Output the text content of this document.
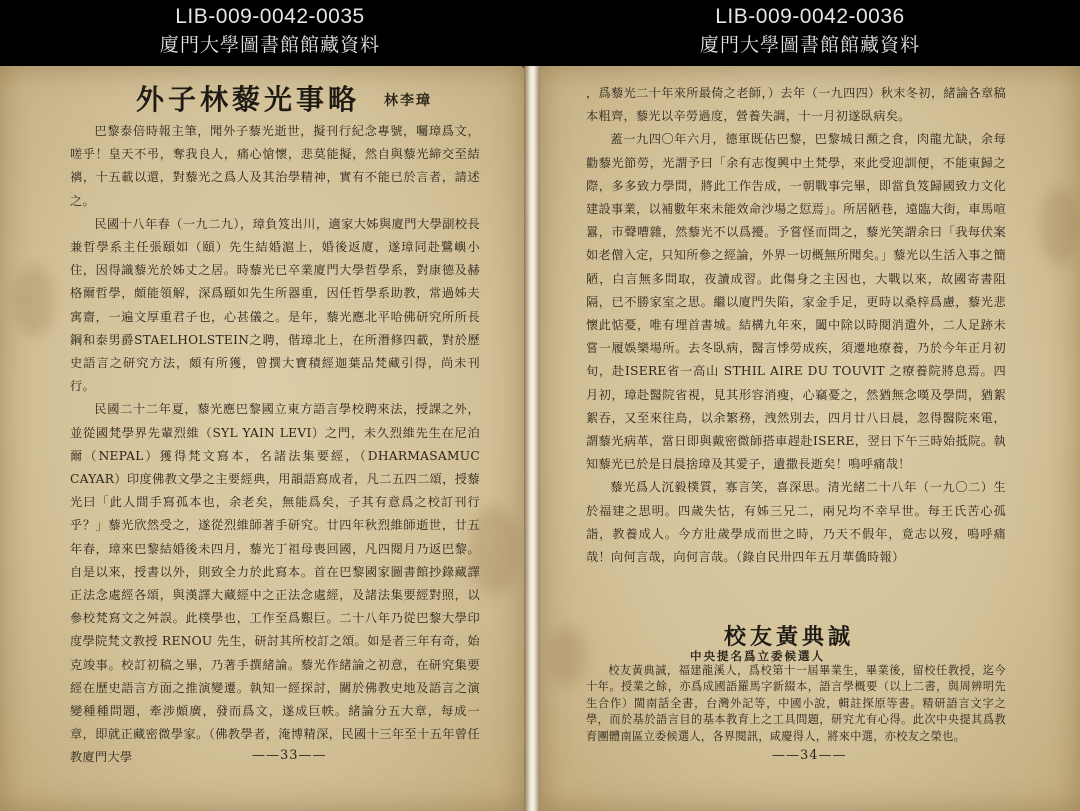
LIB-009-0042-0035
廈門大學圖書館館藏資料
LIB-009-0042-0036
廈門大學圖書館館藏資料
外子林藜光事略 林李璋

巴黎泰倍時報主筆，聞外子藜光逝世，擬刊行紀念專號，囑璋爲文，嗟乎！皇天不弔，奪我良人，痛心愴懷，悲莫能擬，然自與藜光締交至結褵，十五載以還，對藜光之爲人及其治學精神，實有不能已於言者，請述之。

民國十八年春（一九二九），璋負笈出川，適家大姊與廈門大學副校長兼哲學系主任張頤如（頤）先生結婚滬上，婚後返廈，遂璋同赴鷺嶼小住，因得識藜光於姊丈之居。時藜光已卒業廈門大學哲學系，對康德及赫格爾哲學，頗能領解，深爲頤如先生所器重，因任哲學系助教，常過姊夫寓齋，一遍文厚重君子也，心甚儀之。是年，藜光應北平哈佛研究所所長鋼和泰男爵STAELHOLSTEIN之聘，偕璋北上，在所潛修四載，對於歷史語言之研究方法，頗有所獲，曾撰大寶積經迦葉品梵藏引得，尚未刊行。

民國二十二年夏，藜光應巴黎國立東方語言學校聘來法，授課之外，並從國梵學界先輩烈維（SYL YAIN LEVI）之門，未久烈維先生在尼泊爾（NEPAL）獲得梵文寫本，名諸法集要經，（DHARMASAMUC CAYAR）印度佛教文學之主要經典，用韻語寫成者，凡二五四二頌，授藜光曰「此人間手寫孤本也，余老矣，無能爲矣，子其有意爲之校訂刊行乎？」藜光欣然受之，遂從烈維師著手研究。廿四年秋烈維師逝世，廿五年春，璋來巴黎結婚後未四月，藜光丁祖母喪回國，凡四閱月乃返巴黎。自是以來，授書以外，則致全力於此寫本。首在巴黎國家圖書館抄錄藏譯正法念處經各頌，與漢譯大藏經中之正法念處經，及諸法集要經對照，以參校梵寫文之舛誤。此樸學也，工作至爲艱巨。二十八年乃從巴黎大學印度學院梵文教授 RENOU 先生，研討其所校訂之頌。如是者三年有奇，始克竣事。校訂初稿之畢，乃著手撰緒論。藜光作緒論之初意，在研究集要經在歷史語言方面之推演變遷。執知一經探討，關於佛教史地及語言之演變種種問題，牽涉頗廣，發而爲文，遂成巨帙。緒論分五大章，每成一章，即就正藏密微學家。（佛教學者，淹博精深，民國十三年至十五年曾任教廈門大學	——33——

，爲藜光二十年來所最倚之老師，）去年（一九四四）秋末冬初，緒論各章稿本粗齊，藜光以辛勞過度，營養失調，十一月初遂臥病矣。

蓋一九四〇年六月，德軍既佔巴黎，巴黎城日瀕之食，肉龍尤缺，余每勸藜光節勞，光謂予曰「余有志復興中土梵學，來此受迎訓便，不能東歸之際，多多致力學問，將此工作告成，一朝戰事完畢，即當負笈歸國致力文化建設事業，以補數年來未能效命沙場之愆焉」。所居陋巷，遠臨大街，車馬喧囂，市聲嘈雜，然藜光不以爲擾。予嘗怪而問之，藜光笑謂余曰「我每伏案如老僧入定，只知所參之經論，外界一切概無所聞矣。」藜光以生活入事之簡陋，白言無多問取，夜讀成習。此傷身之主因也，大戰以來，故國寄書阻隔，已不勝家室之思。繼以廈門失陷，家金手足，更時以桑梓爲慮，藜光悲懷此惦憂，唯有埋首書城。結構九年來，闔中除以時閱消遣外，二人足跡未嘗一履娛樂場所。去冬臥病，醫言悸勞成疾，須遷地療養，乃於今年正月初旬，赴ISERE省一高山 STHIL AIRE DU TOUVIT 之療養院將息焉。四月初，璋赴醫院省視，見其形容消瘦，心竊憂之，然猶無念嘆及學問，猶絮絮吞，又至來往鳥，以余繁務，洩然別去，四月廿八日晨，忽得醫院來電，謂藜光病革，當日即與戴密微師搭車趕赴ISERE，翌日下午三時始抵院。執知藜光已於是日晨捨璋及其愛子，遺撒長逝矣！嗚呼痛哉！

藜光爲人沉毅樸質，寡言笑，喜深思。清光緒二十八年（一九〇二）生於福建之思明。四歲失怙，有姊三兄二，兩兄均不幸早世。每王氏苦心孤詣，教養成人。今方壯歲學成而世之時，乃天不假年，竟志以歿，嗚呼痛哉！向何言哉，向何言哉。（錄自民卅四年五月華僑時報）

校友黃典誠
中央提名爲立委候選人

校友黃典誠，福建龍溪人，爲校第十一屆畢業生，畢業後，留校任教授，迄今十年。授業之餘，亦爲成國語羅馬字新綴本，語言學概要（以上二書，與周辨明先生合作）閩南話全書，台灣外記等，中國小說，輯註探原等書。精研語言文字之學，而於基於語言目的基本教育上之工具問題，研究尤有心得。此次中央提其爲教育團體南區立委候選人，各界閱訊，咸慶得人，將來中選，亦校友之榮也。

——34——
